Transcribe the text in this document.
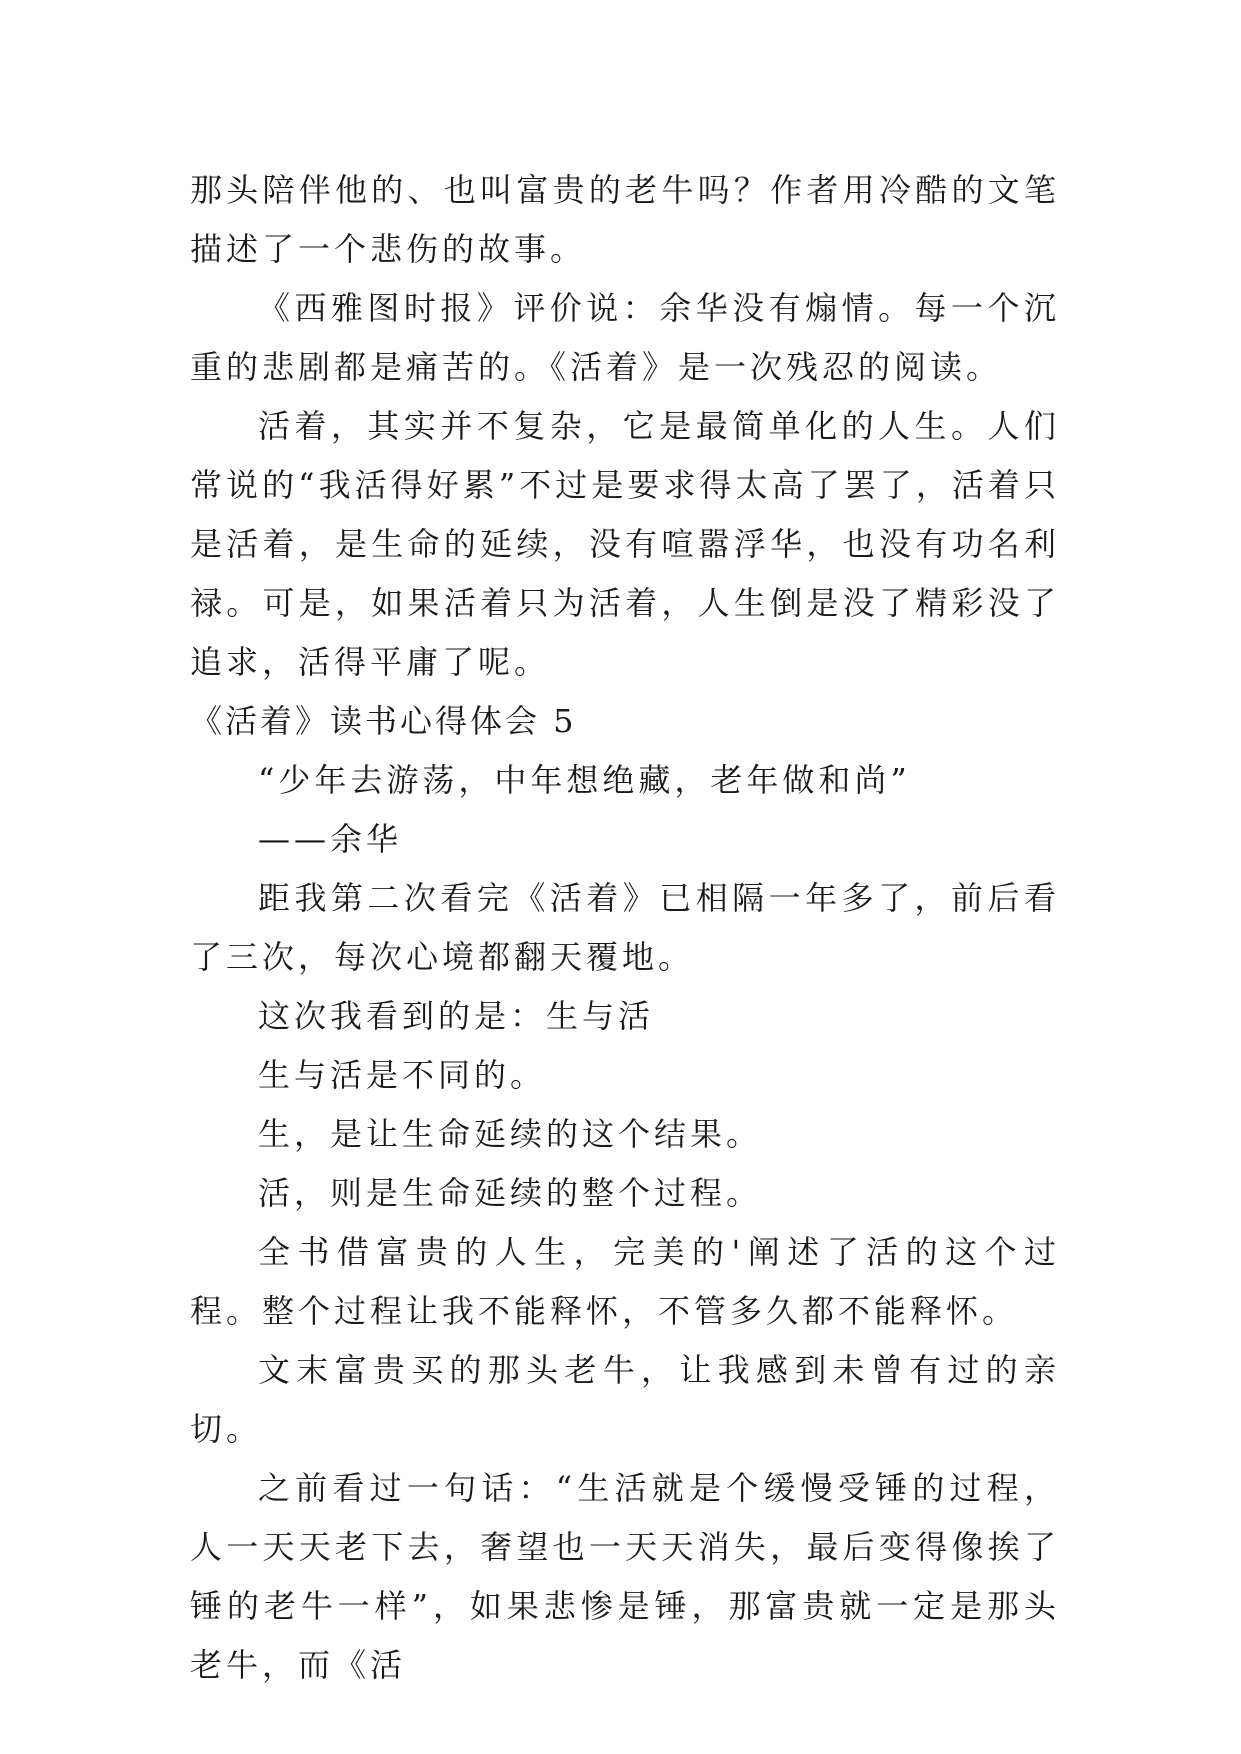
那头陪伴他的、也叫富贵的老牛吗？作者用冷酷的文笔描述了一个悲伤的故事。

《西雅图时报》评价说：余华没有煽情。每一个沉重的悲剧都是痛苦的。《活着》是一次残忍的阅读。

活着，其实并不复杂，它是最简单化的人生。人们常说的“我活得好累”不过是要求得太高了罢了，活着只是活着，是生命的延续，没有喧嚣浮华，也没有功名利禄。可是，如果活着只为活着，人生倒是没了精彩没了追求，活得平庸了呢。

《活着》读书心得体会 5

“少年去游荡，中年想绝藏，老年做和尚”

——余华

距我第二次看完《活着》已相隔一年多了，前后看了三次，每次心境都翻天覆地。

这次我看到的是：生与活

生与活是不同的。

生，是让生命延续的这个结果。

活，则是生命延续的整个过程。

全书借富贵的人生，完美的'阐述了活的这个过程。整个过程让我不能释怀，不管多久都不能释怀。

文末富贵买的那头老牛，让我感到未曾有过的亲切。

之前看过一句话：“生活就是个缓慢受锤的过程，人一天天老下去，奢望也一天天消失，最后变得像挨了锤的老牛一样”，如果悲惨是锤，那富贵就一定是那头老牛，而《活
